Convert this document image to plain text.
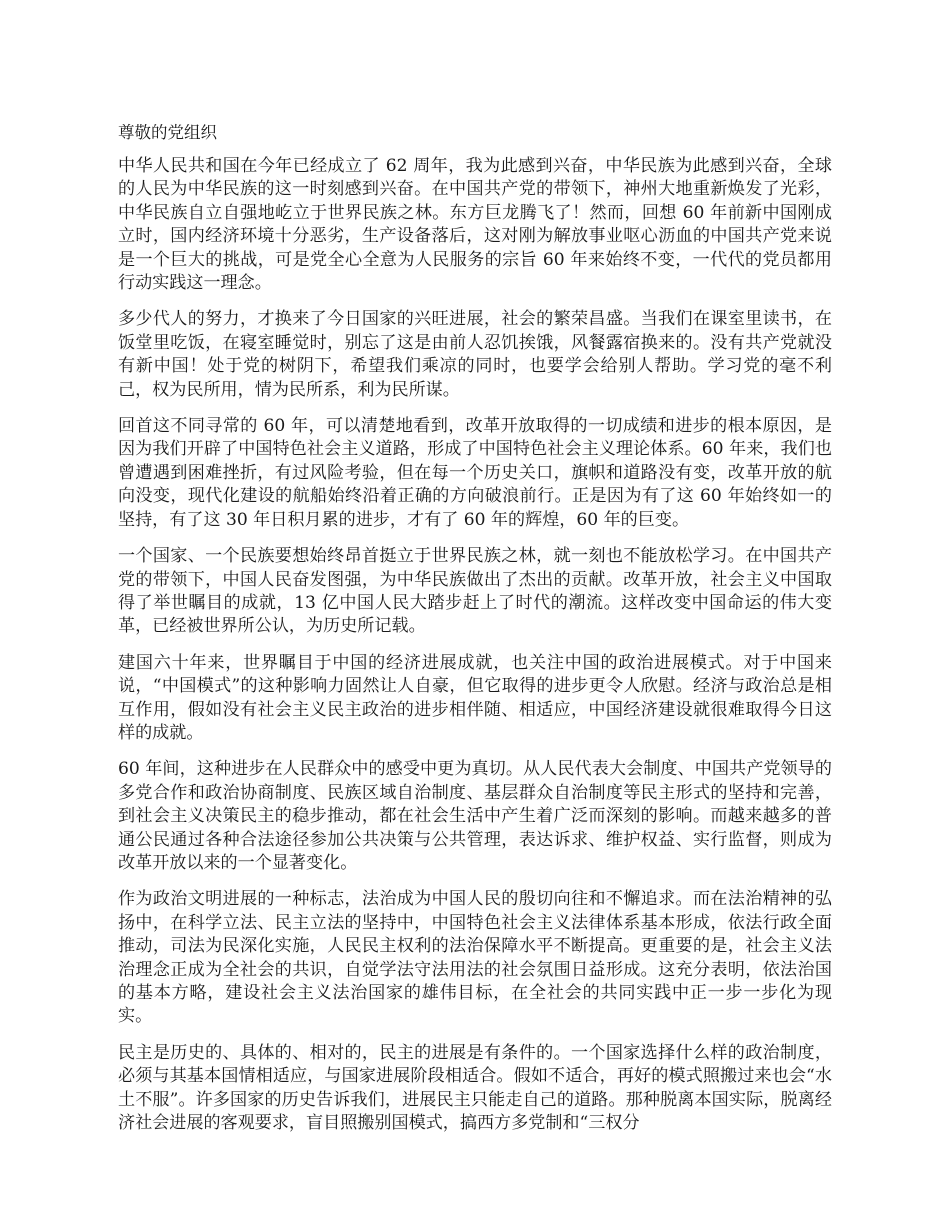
尊敬的党组织

中华人民共和国在今年已经成立了 62 周年，我为此感到兴奋，中华民族为此感到兴奋，全球的人民为中华民族的这一时刻感到兴奋。在中国共产党的带领下，神州大地重新焕发了光彩，中华民族自立自强地屹立于世界民族之林。东方巨龙腾飞了！然而，回想 60 年前新中国刚成立时，国内经济环境十分恶劣，生产设备落后，这对刚为解放事业呕心沥血的中国共产党来说是一个巨大的挑战，可是党全心全意为人民服务的宗旨 60 年来始终不变，一代代的党员都用行动实践这一理念。

多少代人的努力，才换来了今日国家的兴旺进展，社会的繁荣昌盛。当我们在课室里读书，在饭堂里吃饭，在寝室睡觉时，别忘了这是由前人忍饥挨饿，风餐露宿换来的。没有共产党就没有新中国！处于党的树阴下，希望我们乘凉的同时，也要学会给别人帮助。学习党的毫不利己，权为民所用，情为民所系，利为民所谋。

回首这不同寻常的 60 年，可以清楚地看到，改革开放取得的一切成绩和进步的根本原因，是因为我们开辟了中国特色社会主义道路，形成了中国特色社会主义理论体系。60 年来，我们也曾遭遇到困难挫折，有过风险考验，但在每一个历史关口，旗帜和道路没有变，改革开放的航向没变，现代化建设的航船始终沿着正确的方向破浪前行。正是因为有了这 60 年始终如一的坚持，有了这 30 年日积月累的进步，才有了 60 年的辉煌，60 年的巨变。

一个国家、一个民族要想始终昂首挺立于世界民族之林，就一刻也不能放松学习。在中国共产党的带领下，中国人民奋发图强，为中华民族做出了杰出的贡献。改革开放，社会主义中国取得了举世瞩目的成就，13 亿中国人民大踏步赶上了时代的潮流。这样改变中国命运的伟大变革，已经被世界所公认，为历史所记载。

建国六十年来，世界瞩目于中国的经济进展成就，也关注中国的政治进展模式。对于中国来说，“中国模式”的这种影响力固然让人自豪，但它取得的进步更令人欣慰。经济与政治总是相互作用，假如没有社会主义民主政治的进步相伴随、相适应，中国经济建设就很难取得今日这样的成就。

60 年间，这种进步在人民群众中的感受中更为真切。从人民代表大会制度、中国共产党领导的多党合作和政治协商制度、民族区域自治制度、基层群众自治制度等民主形式的坚持和完善，到社会主义决策民主的稳步推动，都在社会生活中产生着广泛而深刻的影响。而越来越多的普通公民通过各种合法途径参加公共决策与公共管理，表达诉求、维护权益、实行监督，则成为改革开放以来的一个显著变化。

作为政治文明进展的一种标志，法治成为中国人民的殷切向往和不懈追求。而在法治精神的弘扬中，在科学立法、民主立法的坚持中，中国特色社会主义法律体系基本形成，依法行政全面推动，司法为民深化实施，人民民主权利的法治保障水平不断提高。更重要的是，社会主义法治理念正成为全社会的共识，自觉学法守法用法的社会氛围日益形成。这充分表明，依法治国的基本方略，建设社会主义法治国家的雄伟目标，在全社会的共同实践中正一步一步化为现实。

民主是历史的、具体的、相对的，民主的进展是有条件的。一个国家选择什么样的政治制度，必须与其基本国情相适应，与国家进展阶段相适合。假如不适合，再好的模式照搬过来也会“水土不服”。许多国家的历史告诉我们，进展民主只能走自己的道路。那种脱离本国实际，脱离经济社会进展的客观要求，盲目照搬别国模式，搞西方多党制和“三权分
